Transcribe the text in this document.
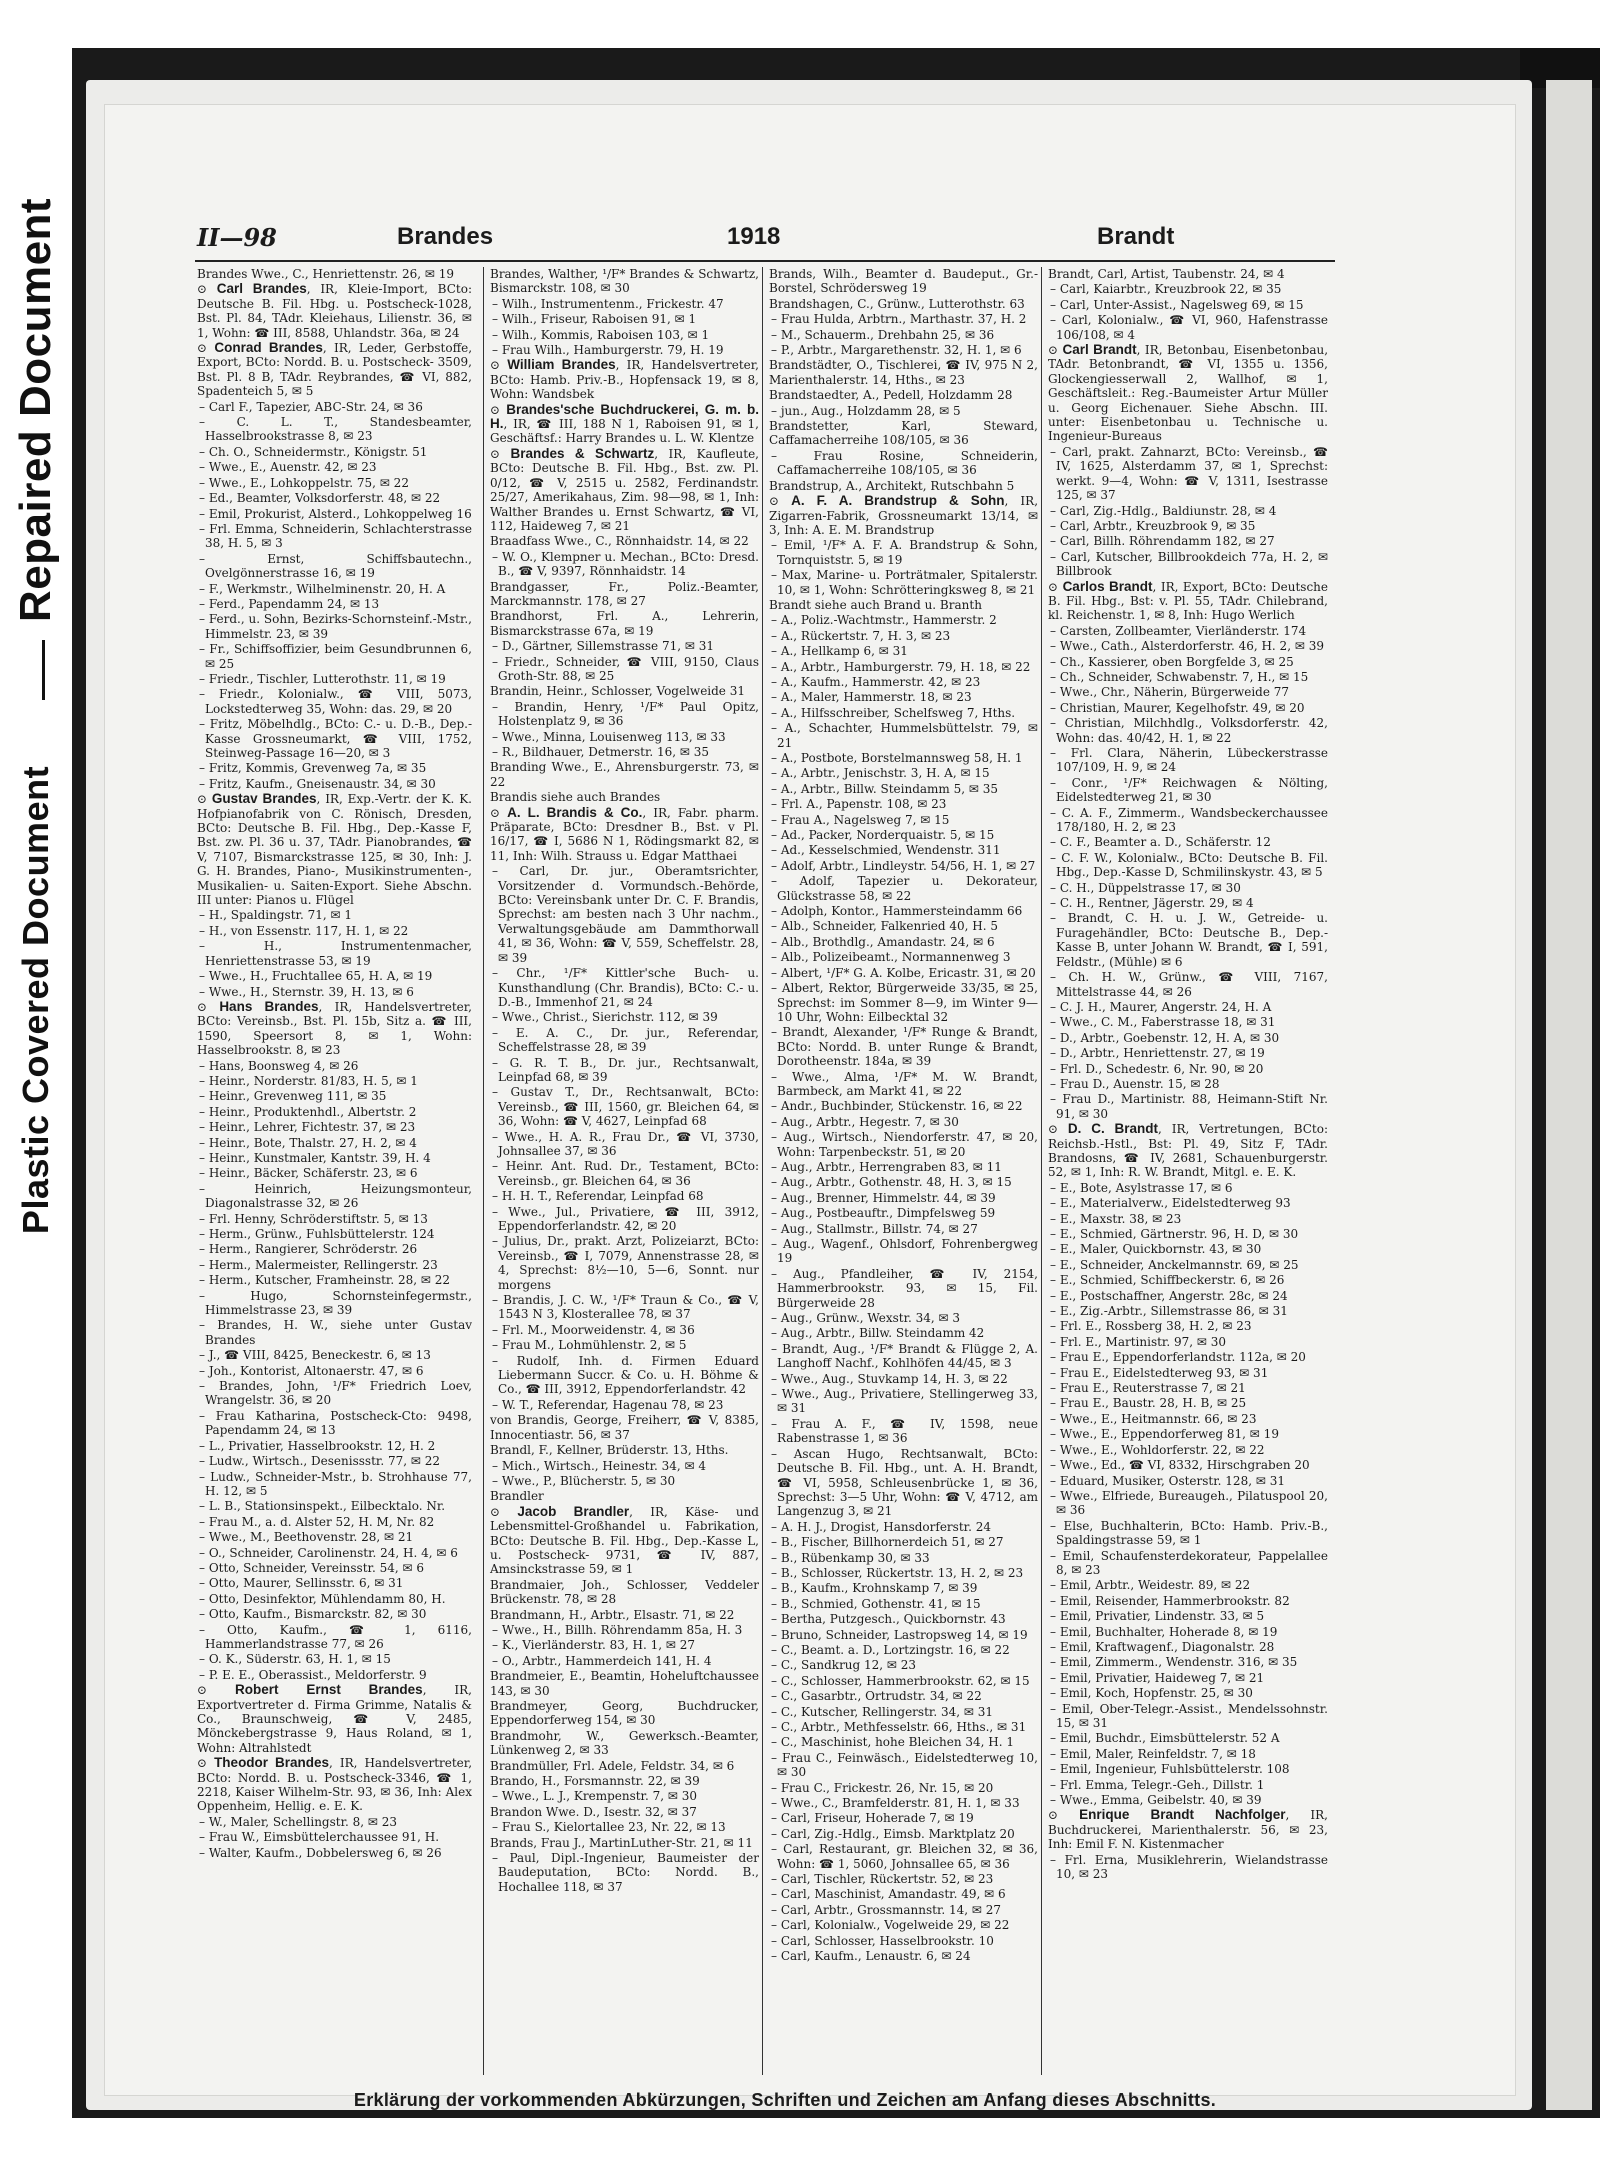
Repaired Document
Plastic Covered Document
II—98	Brandes	1918	Brandt
Brandes Wwe., C., Henriettenstr. 26, ✉ 19
⊙ Carl Brandes, IR, Kleie-Import, BCto: Deutsche B. Fil. Hbg. u. Postscheck-1028, Bst. Pl. 84, TAdr. Kleiehaus, Lilienstr. 36, ✉ 1, Wohn: ☎ III, 8588, Uhlandstr. 36a, ✉ 24
⊙ Conrad Brandes, IR, Leder, Gerbstoffe, Export, BCto: Nordd. B. u. Postscheck- 3509, Bst. Pl. 8 B, TAdr. Reybrandes, ☎ VI, 882, Spadenteich 5, ✉ 5
– Carl F., Tapezier, ABC-Str. 24, ✉ 36
– C. L. T., Standesbeamter, Hasselbrookstrasse 8, ✉ 23
– Ch. O., Schneidermstr., Königstr. 51
– Wwe., E., Auenstr. 42, ✉ 23
– Wwe., E., Lohkoppelstr. 75, ✉ 22
– Ed., Beamter, Volksdorferstr. 48, ✉ 22
– Emil, Prokurist, Alsterd., Lohkoppelweg 16
– Frl. Emma, Schneiderin, Schlachterstrasse 38, H. 5, ✉ 3
– Ernst, Schiffsbautechn., Ovelgönnerstrasse 16, ✉ 19
– F., Werkmstr., Wilhelminenstr. 20, H. A
– Ferd., Papendamm 24, ✉ 13
– Ferd., u. Sohn, Bezirks-Schornsteinf.-Mstr., Himmelstr. 23, ✉ 39
– Fr., Schiffsoffizier, beim Gesundbrunnen 6, ✉ 25
– Friedr., Tischler, Lutterothstr. 11, ✉ 19
– Friedr., Kolonialw., ☎ VIII, 5073, Lockstedterweg 35, Wohn: das. 29, ✉ 20
– Fritz, Möbelhdlg., BCto: C.- u. D.-B., Dep.-Kasse Grossneumarkt, ☎ VIII, 1752, Steinweg-Passage 16—20, ✉ 3
– Fritz, Kommis, Grevenweg 7a, ✉ 35
– Fritz, Kaufm., Gneisenaustr. 34, ✉ 30
⊙ Gustav Brandes, IR, Exp.-Vertr. der K. K. Hofpianofabrik von C. Rönisch, Dresden, BCto: Deutsche B. Fil. Hbg., Dep.-Kasse F, Bst. zw. Pl. 36 u. 37, TAdr. Pianobrandes, ☎ V, 7107, Bismarckstrasse 125, ✉ 30, Inh: J. G. H. Brandes, Piano-, Musikinstrumenten-, Musikalien- u. Saiten-Export. Siehe Abschn. III unter: Pianos u. Flügel
– H., Spaldingstr. 71, ✉ 1
– H., von Essenstr. 117, H. 1, ✉ 22
– H., Instrumentenmacher, Henriettenstrasse 53, ✉ 19
– Wwe., H., Fruchtallee 65, H. A, ✉ 19
– Wwe., H., Sternstr. 39, H. 13, ✉ 6
⊙ Hans Brandes, IR, Handelsvertreter, BCto: Vereinsb., Bst. Pl. 15b, Sitz a. ☎ III, 1590, Speersort 8, ✉ 1, Wohn: Hasselbrookstr. 8, ✉ 23
– Hans, Boonsweg 4, ✉ 26
– Heinr., Norderstr. 81/83, H. 5, ✉ 1
– Heinr., Grevenweg 111, ✉ 35
– Heinr., Produktenhdl., Albertstr. 2
– Heinr., Lehrer, Fichtestr. 37, ✉ 23
– Heinr., Bote, Thalstr. 27, H. 2, ✉ 4
– Heinr., Kunstmaler, Kantstr. 39, H. 4
– Heinr., Bäcker, Schäferstr. 23, ✉ 6
– Heinrich, Heizungsmonteur, Diagonalstrasse 32, ✉ 26
– Frl. Henny, Schröderstiftstr. 5, ✉ 13
– Herm., Grünw., Fuhlsbüttelerstr. 124
– Herm., Rangierer, Schröderstr. 26
– Herm., Malermeister, Rellingerstr. 23
– Herm., Kutscher, Framheinstr. 28, ✉ 22
– Hugo, Schornsteinfegermstr., Himmelstrasse 23, ✉ 39
– Brandes, H. W., siehe unter Gustav Brandes
– J., ☎ VIII, 8425, Beneckestr. 6, ✉ 13
– Joh., Kontorist, Altonaerstr. 47, ✉ 6
– Brandes, John, ¹/F* Friedrich Loev, Wrangelstr. 36, ✉ 20
– Frau Katharina, Postscheck-Cto: 9498, Papendamm 24, ✉ 13
– L., Privatier, Hasselbrookstr. 12, H. 2
– Ludw., Wirtsch., Desenissstr. 77, ✉ 22
– Ludw., Schneider-Mstr., b. Strohhause 77, H. 12, ✉ 5
– L. B., Stationsinspekt., Eilbecktalo. Nr.
– Frau M., a. d. Alster 52, H. M, Nr. 82
– Wwe., M., Beethovenstr. 28, ✉ 21
– O., Schneider, Carolinenstr. 24, H. 4, ✉ 6
– Otto, Schneider, Vereinsstr. 54, ✉ 6
– Otto, Maurer, Sellinsstr. 6, ✉ 31
– Otto, Desinfektor, Mühlendamm 80, H.
– Otto, Kaufm., Bismarckstr. 82, ✉ 30
– Otto, Kaufm., ☎ 1, 6116, Hammerlandstrasse 77, ✉ 26
– O. K., Süderstr. 63, H. 1, ✉ 15
– P. E. E., Oberassist., Meldorferstr. 9
⊙ Robert Ernst Brandes, IR, Exportvertreter d. Firma Grimme, Natalis & Co., Braunschweig, ☎ V, 2485, Mönckebergstrasse 9, Haus Roland, ✉ 1, Wohn: Altrahlstedt
⊙ Theodor Brandes, IR, Handelsvertreter, BCto: Nordd. B. u. Postscheck-3346, ☎ 1, 2218, Kaiser Wilhelm-Str. 93, ✉ 36, Inh: Alex Oppenheim, Hellig. e. E. K.
– W., Maler, Schellingstr. 8, ✉ 23
– Frau W., Eimsbüttelerchaussee 91, H.
– Walter, Kaufm., Dobbelersweg 6, ✉ 26
Brandes, Walther, ¹/F* Brandes & Schwartz, Bismarckstr. 108, ✉ 30
– Wilh., Instrumentenm., Frickestr. 47
– Wilh., Friseur, Raboisen 91, ✉ 1
– Wilh., Kommis, Raboisen 103, ✉ 1
– Frau Wilh., Hamburgerstr. 79, H. 19
⊙ William Brandes, IR, Handelsvertreter, BCto: Hamb. Priv.-B., Hopfensack 19, ✉ 8, Wohn: Wandsbek
⊙ Brandes'sche Buchdruckerei, G. m. b. H., IR, ☎ III, 188 N 1, Raboisen 91, ✉ 1, Geschäftsf.: Harry Brandes u. L. W. Klentze
⊙ Brandes & Schwartz, IR, Kaufleute, BCto: Deutsche B. Fil. Hbg., Bst. zw. Pl. 0/12, ☎ V, 2515 u. 2582, Ferdinandstr. 25/27, Amerikahaus, Zim. 98—98, ✉ 1, Inh: Walther Brandes u. Ernst Schwartz, ☎ VI, 112, Haideweg 7, ✉ 21
Braadfass Wwe., C., Rönnhaidstr. 14, ✉ 22
– W. O., Klempner u. Mechan., BCto: Dresd. B., ☎ V, 9397, Rönnhaidstr. 14
Brandgasser, Fr., Poliz.-Beamter, Marckmannstr. 178, ✉ 27
Brandhorst, Frl. A., Lehrerin, Bismarckstrasse 67a, ✉ 19
– D., Gärtner, Sillemstrasse 71, ✉ 31
– Friedr., Schneider, ☎ VIII, 9150, Claus Groth-Str. 88, ✉ 25
Brandin, Heinr., Schlosser, Vogelweide 31
– Brandin, Henry, ¹/F* Paul Opitz, Holstenplatz 9, ✉ 36
– Wwe., Minna, Louisenweg 113, ✉ 33
– R., Bildhauer, Detmerstr. 16, ✉ 35
Branding Wwe., E., Ahrensburgerstr. 73, ✉ 22
Brandis siehe auch Brandes
⊙ A. L. Brandis & Co., IR, Fabr. pharm. Präparate, BCto: Dresdner B., Bst. v Pl. 16/17, ☎ I, 5686 N 1, Rödingsmarkt 82, ✉ 11, Inh: Wilh. Strauss u. Edgar Matthaei
– Carl, Dr. jur., Oberamtsrichter, Vorsitzender d. Vormundsch.-Behörde, BCto: Vereinsbank unter Dr. C. F. Brandis, Sprechst: am besten nach 3 Uhr nachm., Verwaltungsgebäude am Dammthorwall 41, ✉ 36, Wohn: ☎ V, 559, Scheffelstr. 28, ✉ 39
– Chr., ¹/F* Kittler'sche Buch- u. Kunsthandlung (Chr. Brandis), BCto: C.- u. D.-B., Immenhof 21, ✉ 24
– Wwe., Christ., Sierichstr. 112, ✉ 39
– E. A. C., Dr. jur., Referendar, Scheffelstrasse 28, ✉ 39
– G. R. T. B., Dr. jur., Rechtsanwalt, Leinpfad 68, ✉ 39
– Gustav T., Dr., Rechtsanwalt, BCto: Vereinsb., ☎ III, 1560, gr. Bleichen 64, ✉ 36, Wohn: ☎ V, 4627, Leinpfad 68
– Wwe., H. A. R., Frau Dr., ☎ VI, 3730, Johnsallee 37, ✉ 36
– Heinr. Ant. Rud. Dr., Testament, BCto: Vereinsb., gr. Bleichen 64, ✉ 36
– H. H. T., Referendar, Leinpfad 68
– Wwe., Jul., Privatiere, ☎ III, 3912, Eppendorferlandstr. 42, ✉ 20
– Julius, Dr., prakt. Arzt, Polizeiarzt, BCto: Vereinsb., ☎ I, 7079, Annenstrasse 28, ✉ 4, Sprechst: 8½—10, 5—6, Sonnt. nur morgens
– Brandis, J. C. W., ¹/F* Traun & Co., ☎ V, 1543 N 3, Klosterallee 78, ✉ 37
– Frl. M., Moorweidenstr. 4, ✉ 36
– Frau M., Lohmühlenstr. 2, ✉ 5
– Rudolf, Inh. d. Firmen Eduard Liebermann Succr. & Co. u. H. Böhme & Co., ☎ III, 3912, Eppendorferlandstr. 42
– W. T., Referendar, Hagenau 78, ✉ 23
von Brandis, George, Freiherr, ☎ V, 8385, Innocentiastr. 56, ✉ 37
Brandl, F., Kellner, Brüderstr. 13, Hths.
– Mich., Wirtsch., Heinestr. 34, ✉ 4
– Wwe., P., Blücherstr. 5, ✉ 30
Brandler
⊙ Jacob Brandler, IR, Käse- und Lebensmittel-Großhandel u. Fabrikation, BCto: Deutsche B. Fil. Hbg., Dep.-Kasse L, u. Postscheck- 9731, ☎ IV, 887, Amsinckstrasse 59, ✉ 1
Brandmaier, Joh., Schlosser, Veddeler Brückenstr. 78, ✉ 28
Brandmann, H., Arbtr., Elsastr. 71, ✉ 22
– Wwe., H., Billh. Röhrendamm 85a, H. 3
– K., Vierländerstr. 83, H. 1, ✉ 27
– O., Arbtr., Hammerdeich 141, H. 4
Brandmeier, E., Beamtin, Hoheluftchaussee 143, ✉ 30
Brandmeyer, Georg, Buchdrucker, Eppendorferweg 154, ✉ 30
Brandmohr, W., Gewerksch.-Beamter, Lünkenweg 2, ✉ 33
Brandmüller, Frl. Adele, Feldstr. 34, ✉ 6
Brando, H., Forsmannstr. 22, ✉ 39
– Wwe., L. J., Krempenstr. 7, ✉ 30
Brandon Wwe. D., Isestr. 32, ✉ 37
– Frau S., Kielortallee 23, Nr. 22, ✉ 13
Brands, Frau J., MartinLuther-Str. 21, ✉ 11
– Paul, Dipl.-Ingenieur, Baumeister der Baudeputation, BCto: Nordd. B., Hochallee 118, ✉ 37
Brands, Wilh., Beamter d. Baudeput., Gr.-Borstel, Schrödersweg 19
Brandshagen, C., Grünw., Lutterothstr. 63
– Frau Hulda, Arbtrn., Marthastr. 37, H. 2
– M., Schauerm., Drehbahn 25, ✉ 36
– P., Arbtr., Margarethenstr. 32, H. 1, ✉ 6
Brandstädter, O., Tischlerei, ☎ IV, 975 N 2, Marienthalerstr. 14, Hths., ✉ 23
Brandstaedter, A., Pedell, Holzdamm 28
– jun., Aug., Holzdamm 28, ✉ 5
Brandstetter, Karl, Steward, Caffamacherreihe 108/105, ✉ 36
– Frau Rosine, Schneiderin, Caffamacherreihe 108/105, ✉ 36
Brandstrup, A., Architekt, Rutschbahn 5
⊙ A. F. A. Brandstrup & Sohn, IR, Zigarren-Fabrik, Grossneumarkt 13/14, ✉ 3, Inh: A. E. M. Brandstrup
– Emil, ¹/F* A. F. A. Brandstrup & Sohn, Tornquiststr. 5, ✉ 19
– Max, Marine- u. Porträtmaler, Spitalerstr. 10, ✉ 1, Wohn: Schrötteringksweg 8, ✉ 21
Brandt siehe auch Brand u. Branth
– A., Poliz.-Wachtmstr., Hammerstr. 2
– A., Rückertstr. 7, H. 3, ✉ 23
– A., Hellkamp 6, ✉ 31
– A., Arbtr., Hamburgerstr. 79, H. 18, ✉ 22
– A., Kaufm., Hammerstr. 42, ✉ 23
– A., Maler, Hammerstr. 18, ✉ 23
– A., Hilfsschreiber, Schelfsweg 7, Hths.
– A., Schachter, Hummelsbüttelstr. 79, ✉ 21
– A., Postbote, Borstelmannsweg 58, H. 1
– A., Arbtr., Jenischstr. 3, H. A, ✉ 15
– A., Arbtr., Billw. Steindamm 5, ✉ 35
– Frl. A., Papenstr. 108, ✉ 23
– Frau A., Nagelsweg 7, ✉ 15
– Ad., Packer, Norderquaistr. 5, ✉ 15
– Ad., Kesselschmied, Wendenstr. 311
– Adolf, Arbtr., Lindleystr. 54/56, H. 1, ✉ 27
– Adolf, Tapezier u. Dekorateur, Glückstrasse 58, ✉ 22
– Adolph, Kontor., Hammersteindamm 66
– Alb., Schneider, Falkenried 40, H. 5
– Alb., Brothdlg., Amandastr. 24, ✉ 6
– Alb., Polizeibeamt., Normannenweg 3
– Albert, ¹/F* G. A. Kolbe, Ericastr. 31, ✉ 20
– Albert, Rektor, Bürgerweide 33/35, ✉ 25, Sprechst: im Sommer 8—9, im Winter 9—10 Uhr, Wohn: Eilbecktal 32
– Brandt, Alexander, ¹/F* Runge & Brandt, BCto: Nordd. B. unter Runge & Brandt, Dorotheenstr. 184a, ✉ 39
– Wwe., Alma, ¹/F* M. W. Brandt, Barmbeck, am Markt 41, ✉ 22
– Andr., Buchbinder, Stückenstr. 16, ✉ 22
– Aug., Arbtr., Hegestr. 7, ✉ 30
– Aug., Wirtsch., Niendorferstr. 47, ✉ 20, Wohn: Tarpenbeckstr. 51, ✉ 20
– Aug., Arbtr., Herrengraben 83, ✉ 11
– Aug., Arbtr., Gothenstr. 48, H. 3, ✉ 15
– Aug., Brenner, Himmelstr. 44, ✉ 39
– Aug., Postbeauftr., Dimpfelsweg 59
– Aug., Stallmstr., Billstr. 74, ✉ 27
– Aug., Wagenf., Ohlsdorf, Fohrenbergweg 19
– Aug., Pfandleiher, ☎ IV, 2154, Hammerbrookstr. 93, ✉ 15, Fil. Bürgerweide 28
– Aug., Grünw., Wexstr. 34, ✉ 3
– Aug., Arbtr., Billw. Steindamm 42
– Brandt, Aug., ¹/F* Brandt & Flügge 2, A. Langhoff Nachf., Kohlhöfen 44/45, ✉ 3
– Wwe., Aug., Stuvkamp 14, H. 3, ✉ 22
– Wwe., Aug., Privatiere, Stellingerweg 33, ✉ 31
– Frau A. F., ☎ IV, 1598, neue Rabenstrasse 1, ✉ 36
– Ascan Hugo, Rechtsanwalt, BCto: Deutsche B. Fil. Hbg., unt. A. H. Brandt, ☎ VI, 5958, Schleusenbrücke 1, ✉ 36, Sprechst: 3—5 Uhr, Wohn: ☎ V, 4712, am Langenzug 3, ✉ 21
– A. H. J., Drogist, Hansdorferstr. 24
– B., Fischer, Billhornerdeich 51, ✉ 27
– B., Rübenkamp 30, ✉ 33
– B., Schlosser, Rückertstr. 13, H. 2, ✉ 23
– B., Kaufm., Krohnskamp 7, ✉ 39
– B., Schmied, Gothenstr. 41, ✉ 15
– Bertha, Putzgesch., Quickbornstr. 43
– Bruno, Schneider, Lastropsweg 14, ✉ 19
– C., Beamt. a. D., Lortzingstr. 16, ✉ 22
– C., Sandkrug 12, ✉ 23
– C., Schlosser, Hammerbrookstr. 62, ✉ 15
– C., Gasarbtr., Ortrudstr. 34, ✉ 22
– C., Kutscher, Rellingerstr. 34, ✉ 31
– C., Arbtr., Methfesselstr. 66, Hths., ✉ 31
– C., Maschinist, hohe Bleichen 34, H. 1
– Frau C., Feinwäsch., Eidelstedterweg 10, ✉ 30
– Frau C., Frickestr. 26, Nr. 15, ✉ 20
– Wwe., C., Bramfelderstr. 81, H. 1, ✉ 33
– Carl, Friseur, Hoherade 7, ✉ 19
– Carl, Zig.-Hdlg., Eimsb. Marktplatz 20
– Carl, Restaurant, gr. Bleichen 32, ✉ 36, Wohn: ☎ 1, 5060, Johnsallee 65, ✉ 36
– Carl, Tischler, Rückertstr. 52, ✉ 23
– Carl, Maschinist, Amandastr. 49, ✉ 6
– Carl, Arbtr., Grossmannstr. 14, ✉ 27
– Carl, Kolonialw., Vogelweide 29, ✉ 22
– Carl, Schlosser, Hasselbrookstr. 10
– Carl, Kaufm., Lenaustr. 6, ✉ 24
Brandt, Carl, Artist, Taubenstr. 24, ✉ 4
– Carl, Kaiarbtr., Kreuzbrook 22, ✉ 35
– Carl, Unter-Assist., Nagelsweg 69, ✉ 15
– Carl, Kolonialw., ☎ VI, 960, Hafenstrasse 106/108, ✉ 4
⊙ Carl Brandt, IR, Betonbau, Eisenbetonbau, TAdr. Betonbrandt, ☎ VI, 1355 u. 1356, Glockengiesserwall 2, Wallhof, ✉ 1, Geschäftsleit.: Reg.-Baumeister Artur Müller u. Georg Eichenauer. Siehe Abschn. III. unter: Eisenbetonbau u. Technische u. Ingenieur-Bureaus
– Carl, prakt. Zahnarzt, BCto: Vereinsb., ☎ IV, 1625, Alsterdamm 37, ✉ 1, Sprechst: werkt. 9—4, Wohn: ☎ V, 1311, Isestrasse 125, ✉ 37
– Carl, Zig.-Hdlg., Baldiunstr. 28, ✉ 4
– Carl, Arbtr., Kreuzbrook 9, ✉ 35
– Carl, Billh. Röhrendamm 182, ✉ 27
– Carl, Kutscher, Billbrookdeich 77a, H. 2, ✉ Billbrook
⊙ Carlos Brandt, IR, Export, BCto: Deutsche B. Fil. Hbg., Bst: v. Pl. 55, TAdr. Chilebrand, kl. Reichenstr. 1, ✉ 8, Inh: Hugo Werlich
– Carsten, Zollbeamter, Vierländerstr. 174
– Wwe., Cath., Alsterdorferstr. 46, H. 2, ✉ 39
– Ch., Kassierer, oben Borgfelde 3, ✉ 25
– Ch., Schneider, Schwabenstr. 7, H., ✉ 15
– Wwe., Chr., Näherin, Bürgerweide 77
– Christian, Maurer, Kegelhofstr. 49, ✉ 20
– Christian, Milchhdlg., Volksdorferstr. 42, Wohn: das. 40/42, H. 1, ✉ 22
– Frl. Clara, Näherin, Lübeckerstrasse 107/109, H. 9, ✉ 24
– Conr., ¹/F* Reichwagen & Nölting, Eidelstedterweg 21, ✉ 30
– C. A. F., Zimmerm., Wandsbeckerchaussee 178/180, H. 2, ✉ 23
– C. F., Beamter a. D., Schäferstr. 12
– C. F. W., Kolonialw., BCto: Deutsche B. Fil. Hbg., Dep.-Kasse D, Schmilinskystr. 43, ✉ 5
– C. H., Düppelstrasse 17, ✉ 30
– C. H., Rentner, Jägerstr. 29, ✉ 4
– Brandt, C. H. u. J. W., Getreide- u. Furagehändler, BCto: Deutsche B., Dep.-Kasse B, unter Johann W. Brandt, ☎ I, 591, Feldstr., (Mühle) ✉ 6
– Ch. H. W., Grünw., ☎ VIII, 7167, Mittelstrasse 44, ✉ 26
– C. J. H., Maurer, Angerstr. 24, H. A
– Wwe., C. M., Faberstrasse 18, ✉ 31
– D., Arbtr., Goebenstr. 12, H. A, ✉ 30
– D., Arbtr., Henriettenstr. 27, ✉ 19
– Frl. D., Schedestr. 6, Nr. 90, ✉ 20
– Frau D., Auenstr. 15, ✉ 28
– Frau D., Martinistr. 88, Heimann-Stift Nr. 91, ✉ 30
⊙ D. C. Brandt, IR, Vertretungen, BCto: Reichsb.-Hstl., Bst: Pl. 49, Sitz F, TAdr. Brandosns, ☎ IV, 2681, Schauenburgerstr. 52, ✉ 1, Inh: R. W. Brandt, Mitgl. e. E. K.
– E., Bote, Asylstrasse 17, ✉ 6
– E., Materialverw., Eidelstedterweg 93
– E., Maxstr. 38, ✉ 23
– E., Schmied, Gärtnerstr. 96, H. D, ✉ 30
– E., Maler, Quickbornstr. 43, ✉ 30
– E., Schneider, Anckelmannstr. 69, ✉ 25
– E., Schmied, Schiffbeckerstr. 6, ✉ 26
– E., Postschaffner, Angerstr. 28c, ✉ 24
– E., Zig.-Arbtr., Sillemstrasse 86, ✉ 31
– Frl. E., Rossberg 38, H. 2, ✉ 23
– Frl. E., Martinistr. 97, ✉ 30
– Frau E., Eppendorferlandstr. 112a, ✉ 20
– Frau E., Eidelstedterweg 93, ✉ 31
– Frau E., Reuterstrasse 7, ✉ 21
– Frau E., Baustr. 28, H. B, ✉ 25
– Wwe., E., Heitmannstr. 66, ✉ 23
– Wwe., E., Eppendorferweg 81, ✉ 19
– Wwe., E., Wohldorferstr. 22, ✉ 22
– Wwe., Ed., ☎ VI, 8332, Hirschgraben 20
– Eduard, Musiker, Osterstr. 128, ✉ 31
– Wwe., Elfriede, Bureaugeh., Pilatuspool 20, ✉ 36
– Else, Buchhalterin, BCto: Hamb. Priv.-B., Spaldingstrasse 59, ✉ 1
– Emil, Schaufensterdekorateur, Pappelallee 8, ✉ 23
– Emil, Arbtr., Weidestr. 89, ✉ 22
– Emil, Reisender, Hammerbrookstr. 82
– Emil, Privatier, Lindenstr. 33, ✉ 5
– Emil, Buchhalter, Hoherade 8, ✉ 19
– Emil, Kraftwagenf., Diagonalstr. 28
– Emil, Zimmerm., Wendenstr. 316, ✉ 35
– Emil, Privatier, Haideweg 7, ✉ 21
– Emil, Koch, Hopfenstr. 25, ✉ 30
– Emil, Ober-Telegr.-Assist., Mendelssohnstr. 15, ✉ 31
– Emil, Buchdr., Eimsbüttelerstr. 52 A
– Emil, Maler, Reinfeldstr. 7, ✉ 18
– Emil, Ingenieur, Fuhlsbüttelerstr. 108
– Frl. Emma, Telegr.-Geh., Dillstr. 1
– Wwe., Emma, Geibelstr. 40, ✉ 39
⊙ Enrique Brandt Nachfolger, IR, Buchdruckerei, Marienthalerstr. 56, ✉ 23, Inh: Emil F. N. Kistenmacher
– Frl. Erna, Musiklehrerin, Wielandstrasse 10, ✉ 23
Erklärung der vorkommenden Abkürzungen, Schriften und Zeichen am Anfang dieses Abschnitts.
